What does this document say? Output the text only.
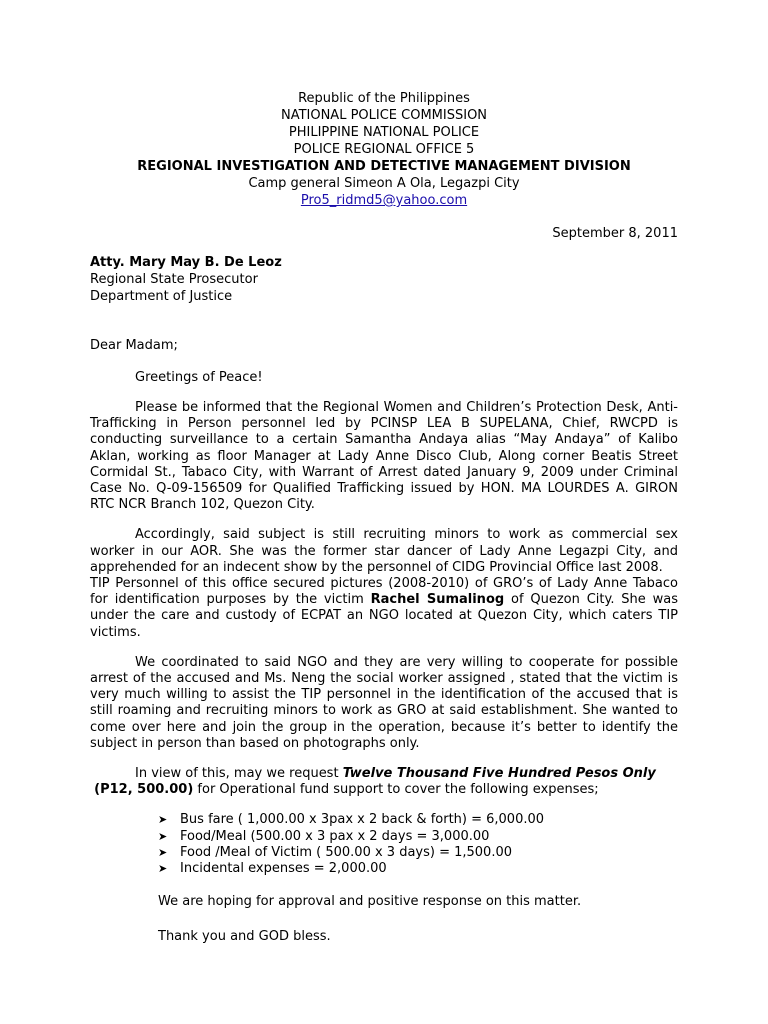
Republic of the Philippines
NATIONAL POLICE COMMISSION
PHILIPPINE NATIONAL POLICE
POLICE REGIONAL OFFICE 5
REGIONAL INVESTIGATION AND DETECTIVE MANAGEMENT DIVISION
Camp general Simeon A Ola, Legazpi City
Pro5_ridmd5@yahoo.com
September 8, 2011
Atty. Mary May B. De Leoz
Regional State Prosecutor
Department of Justice
Dear Madam;
Greetings of Peace!

Please be informed that the Regional Women and Children’s Protection Desk, Anti-Trafficking in Person personnel led by PCINSP LEA B SUPELANA, Chief, RWCPD is conducting surveillance to a certain Samantha Andaya alias “May Andaya” of Kalibo Aklan, working as floor Manager at Lady Anne Disco Club, Along corner Beatis Street Cormidal St., Tabaco City, with Warrant of Arrest dated January 9, 2009 under Criminal Case No. Q-09-156509 for Qualified Trafficking issued by HON. MA LOURDES A. GIRON RTC NCR Branch 102, Quezon City.

Accordingly, said subject is still recruiting minors to work as commercial sex worker in our AOR. She was the former star dancer of Lady Anne Legazpi City, and apprehended for an indecent show by the personnel of CIDG Provincial Office last 2008.

TIP Personnel of this office secured pictures (2008-2010) of GRO’s of Lady Anne Tabaco for identification purposes by the victim Rachel Sumalinog of Quezon City. She was under the care and custody of ECPAT an NGO located at Quezon City, which caters TIP victims.

We coordinated to said NGO and they are very willing to cooperate for possible arrest of the accused and Ms. Neng the social worker assigned , stated that the victim is very much willing to assist the TIP personnel in the identification of the accused that is still roaming and recruiting minors to work as GRO at said establishment. She wanted to come over here and join the group in the operation, because it’s better to identify the subject in person than based on photographs only.

In view of this, may we request Twelve Thousand Five Hundred Pesos Only
(P12, 500.00) for Operational fund support to cover the following expenses;
➤ Bus fare ( 1,000.00 x 3pax x 2 back & forth) = 6,000.00
➤ Food/Meal (500.00 x 3 pax x 2 days = 3,000.00
➤ Food /Meal of Victim ( 500.00 x 3 days) = 1,500.00
➤ Incidental expenses = 2,000.00
We are hoping for approval and positive response on this matter.
Thank you and GOD bless.
